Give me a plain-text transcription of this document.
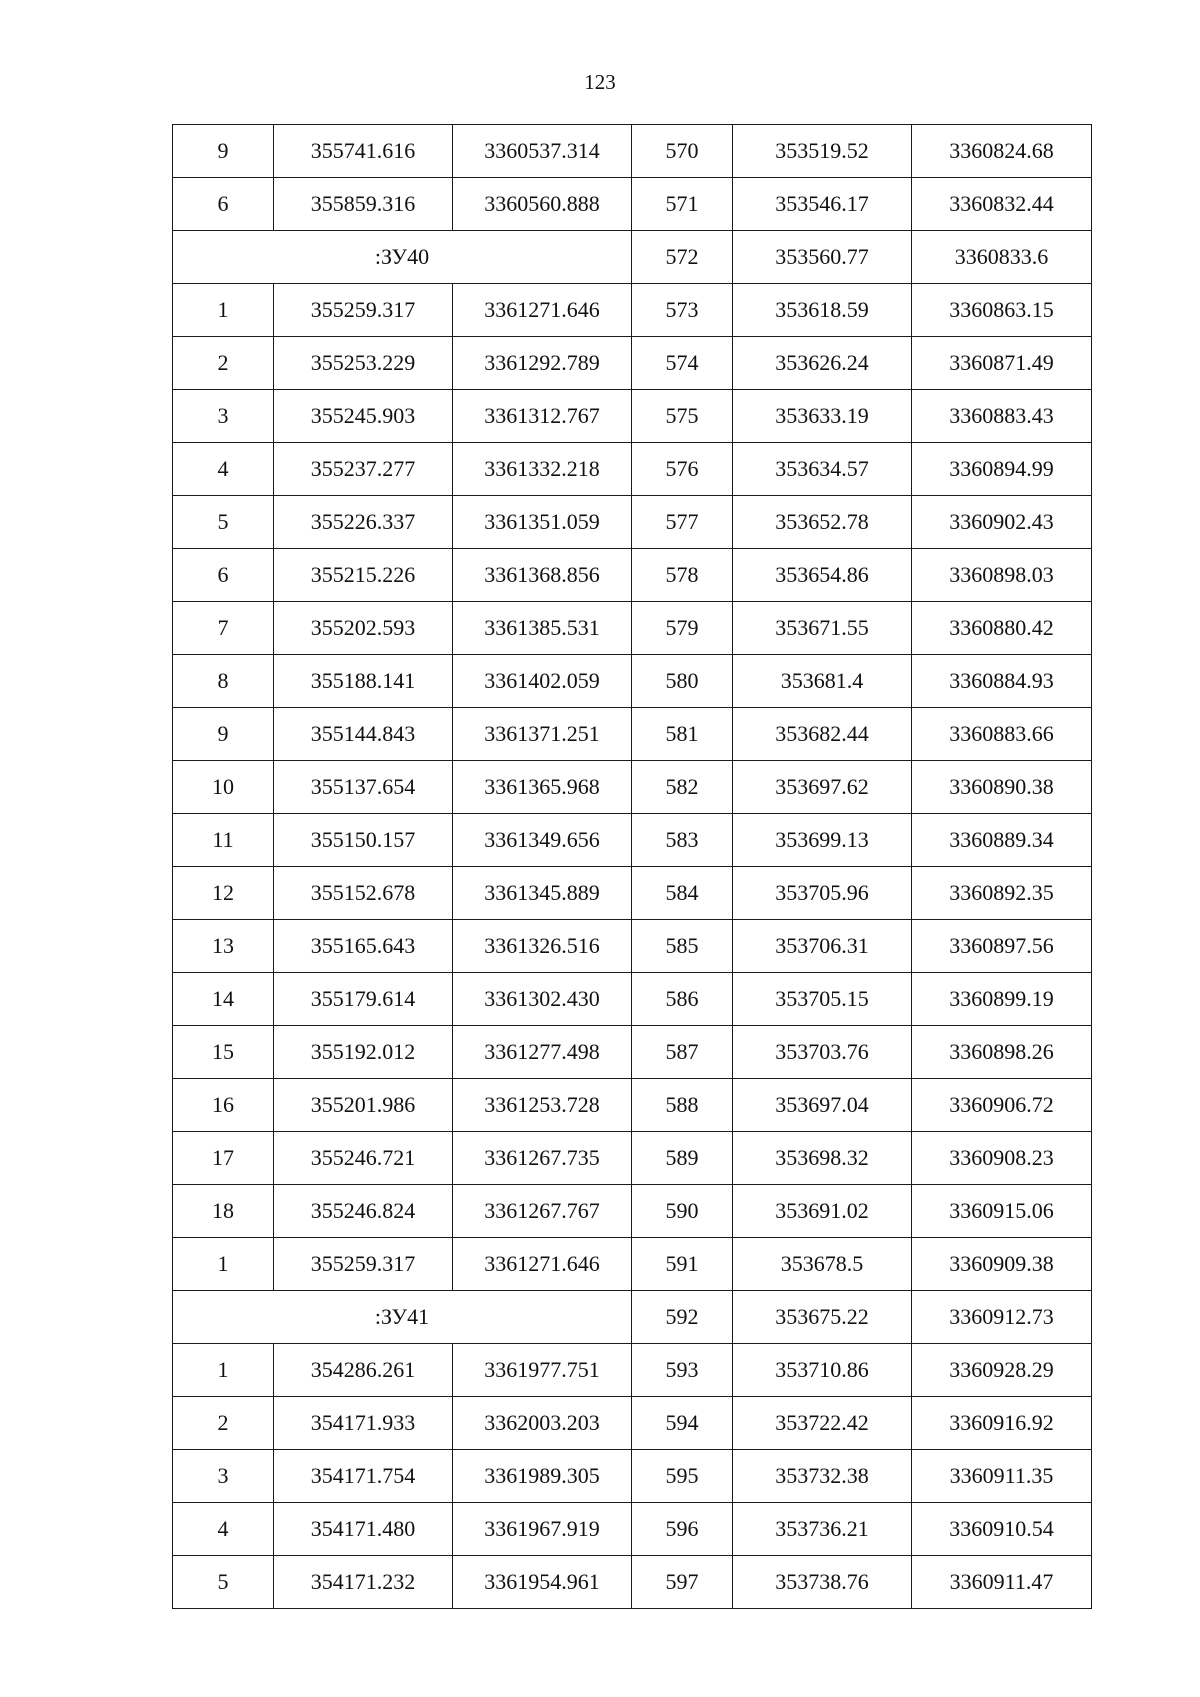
123
9	355741.616	3360537.314	570	353519.52	3360824.68
6	355859.316	3360560.888	571	353546.17	3360832.44
:ЗУ40			572	353560.77	3360833.6
1	355259.317	3361271.646	573	353618.59	3360863.15
2	355253.229	3361292.789	574	353626.24	3360871.49
3	355245.903	3361312.767	575	353633.19	3360883.43
4	355237.277	3361332.218	576	353634.57	3360894.99
5	355226.337	3361351.059	577	353652.78	3360902.43
6	355215.226	3361368.856	578	353654.86	3360898.03
7	355202.593	3361385.531	579	353671.55	3360880.42
8	355188.141	3361402.059	580	353681.4	3360884.93
9	355144.843	3361371.251	581	353682.44	3360883.66
10	355137.654	3361365.968	582	353697.62	3360890.38
11	355150.157	3361349.656	583	353699.13	3360889.34
12	355152.678	3361345.889	584	353705.96	3360892.35
13	355165.643	3361326.516	585	353706.31	3360897.56
14	355179.614	3361302.430	586	353705.15	3360899.19
15	355192.012	3361277.498	587	353703.76	3360898.26
16	355201.986	3361253.728	588	353697.04	3360906.72
17	355246.721	3361267.735	589	353698.32	3360908.23
18	355246.824	3361267.767	590	353691.02	3360915.06
1	355259.317	3361271.646	591	353678.5	3360909.38
:ЗУ41			592	353675.22	3360912.73
1	354286.261	3361977.751	593	353710.86	3360928.29
2	354171.933	3362003.203	594	353722.42	3360916.92
3	354171.754	3361989.305	595	353732.38	3360911.35
4	354171.480	3361967.919	596	353736.21	3360910.54
5	354171.232	3361954.961	597	353738.76	3360911.47
